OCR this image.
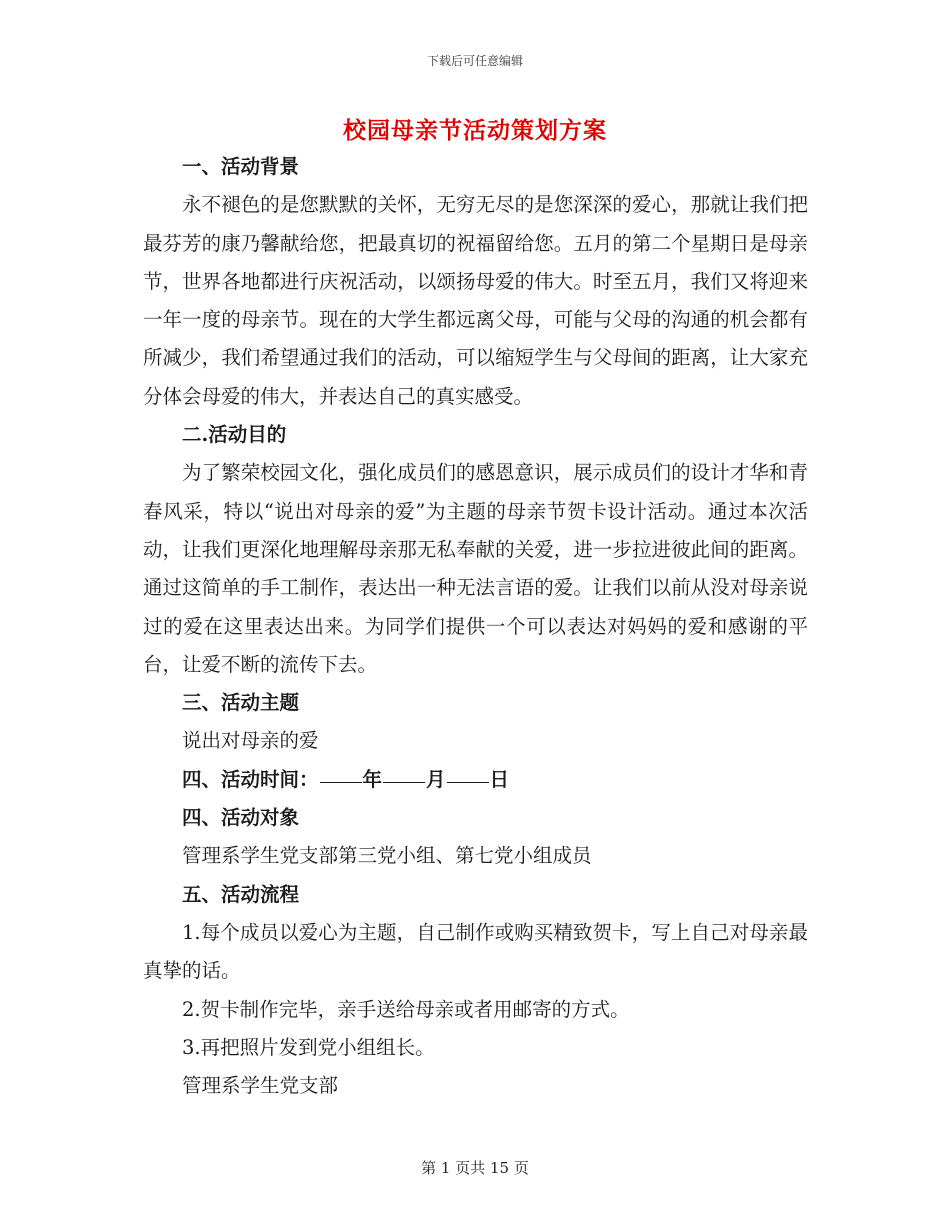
下载后可任意编辑
校园母亲节活动策划方案

一、活动背景

永不褪色的是您默默的关怀，无穷无尽的是您深深的爱心，那就让我们把最芬芳的康乃馨献给您，把最真切的祝福留给您。五月的第二个星期日是母亲节，世界各地都进行庆祝活动，以颂扬母爱的伟大。时至五月，我们又将迎来一年一度的母亲节。现在的大学生都远离父母，可能与父母的沟通的机会都有所减少，我们希望通过我们的活动，可以缩短学生与父母间的距离，让大家充分体会母爱的伟大，并表达自己的真实感受。

二.活动目的

为了繁荣校园文化，强化成员们的感恩意识，展示成员们的设计才华和青春风采，特以“说出对母亲的爱”为主题的母亲节贺卡设计活动。通过本次活动，让我们更深化地理解母亲那无私奉献的关爱，进一步拉进彼此间的距离。通过这简单的手工制作，表达出一种无法言语的爱。让我们以前从没对母亲说过的爱在这里表达出来。为同学们提供一个可以表达对妈妈的爱和感谢的平台，让爱不断的流传下去。

三、活动主题

说出对母亲的爱

四、活动时间： 年 月 日

四、活动对象

管理系学生党支部第三党小组、第七党小组成员

五、活动流程

1.每个成员以爱心为主题，自己制作或购买精致贺卡，写上自己对母亲最真挚的话。

2.贺卡制作完毕，亲手送给母亲或者用邮寄的方式。

3.再把照片发到党小组组长。

管理系学生党支部

第 1 页共 15 页
